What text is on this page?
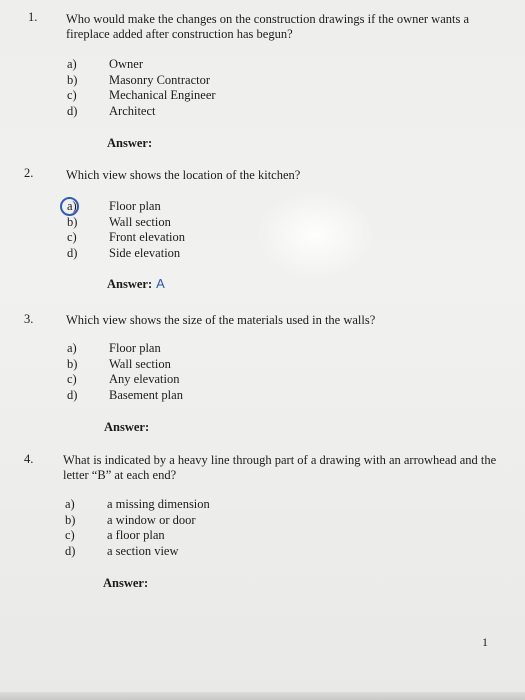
1. Who would make the changes on the construction drawings if the owner wants a fireplace added after construction has begun?
a)	Owner
b)	Masonry Contractor
c)	Mechanical Engineer
d)	Architect
Answer:
2.	Which view shows the location of the kitchen?
a)	Floor plan
b)	Wall section
c)	Front elevation
d)	Side elevation
Answer: A
3.	Which view shows the size of the materials used in the walls?
a)	Floor plan
b)	Wall section
c)	Any elevation
d)	Basement plan
Answer:
4. What is indicated by a heavy line through part of a drawing with an arrowhead and the letter “B” at each end?
a)	a missing dimension
b)	a window or door
c)	a floor plan
d)	a section view
Answer:
1
